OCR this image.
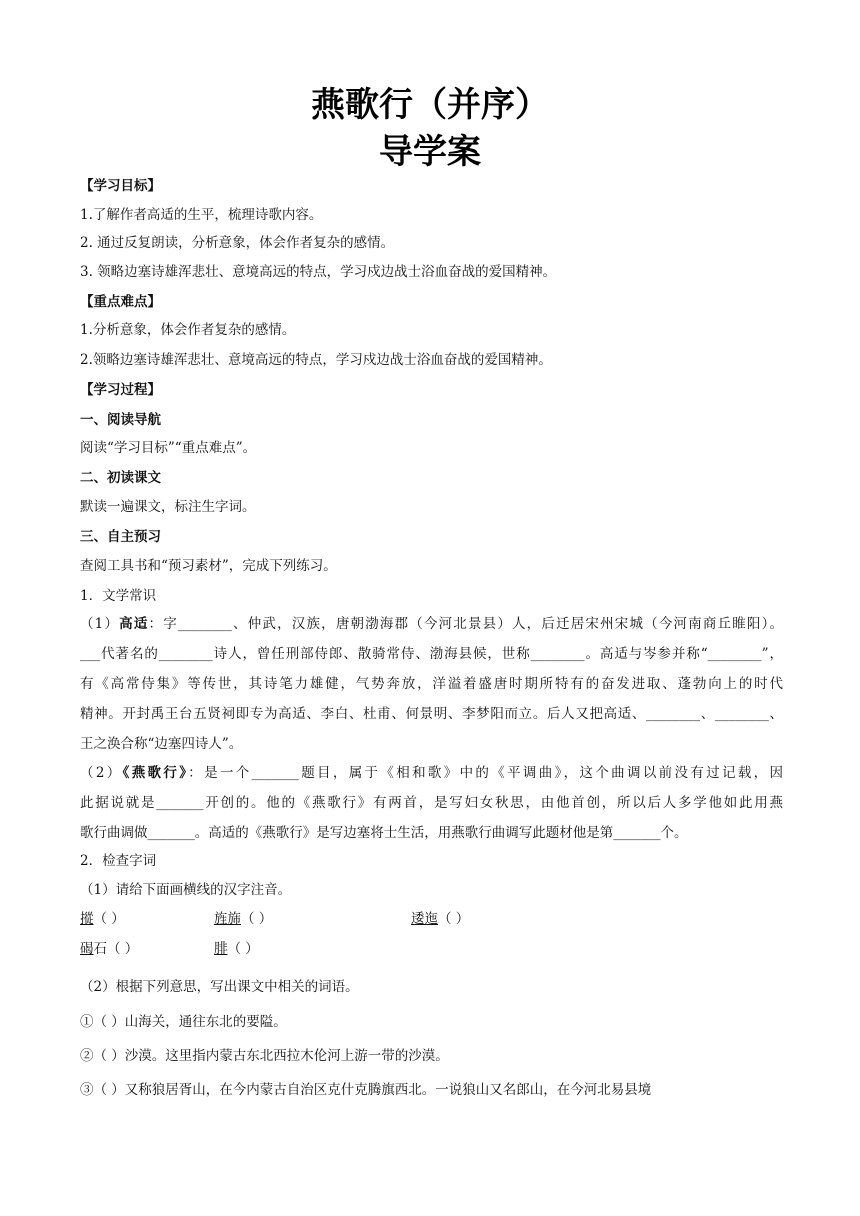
燕歌行（并序）
导学案
【学习目标】
1.了解作者高适的生平，梳理诗歌内容。
2. 通过反复朗读，分析意象，体会作者复杂的感情。
3. 领略边塞诗雄浑悲壮、意境高远的特点，学习戍边战士浴血奋战的爱国精神。
【重点难点】
1.分析意象，体会作者复杂的感情。
2.领略边塞诗雄浑悲壮、意境高远的特点，学习戍边战士浴血奋战的爱国精神。
【学习过程】
一、阅读导航
阅读“学习目标”“重点难点”。
二、初读课文
默读一遍课文，标注生字词。
三、自主预习
查阅工具书和“预习素材”，完成下列练习。
1．文学常识
（1）高适：字________、仲武，汉族，唐朝渤海郡（今河北景县）人，后迁居宋州宋城（今河南商丘睢阳）。
___代著名的________诗人，曾任刑部侍郎、散骑常侍、渤海县候，世称________。高适与岑参并称“________”，
有《高常侍集》等传世，其诗笔力雄健，气势奔放，洋溢着盛唐时期所特有的奋发进取、蓬勃向上的时代
精神。开封禹王台五贤祠即专为高适、李白、杜甫、何景明、李梦阳而立。后人又把高适、________、________、
王之涣合称“边塞四诗人”。
（2）《燕歌行》：是一个_______题目，属于《相和歌》中的《平调曲》，这个曲调以前没有过记载，因
此据说就是_______开创的。他的《燕歌行》有两首，是写妇女秋思，由他首创，所以后人多学他如此用燕
歌行曲调做_______。高适的《燕歌行》是写边塞将士生活，用燕歌行曲调写此题材他是第_______个。
2．检查字词
（1）请给下面画横线的汉字注音。
摐（ ）	旌旆（ ）	逶迤（ ）
碣石（ ）	腓（ ）
（2）根据下列意思，写出课文中相关的词语。
①（ ）山海关，通往东北的要隘。
②（ ）沙漠。这里指内蒙古东北西拉木伦河上游一带的沙漠。
③（ ）又称狼居胥山，在今内蒙古自治区克什克腾旗西北。一说狼山又名郎山，在今河北易县境
